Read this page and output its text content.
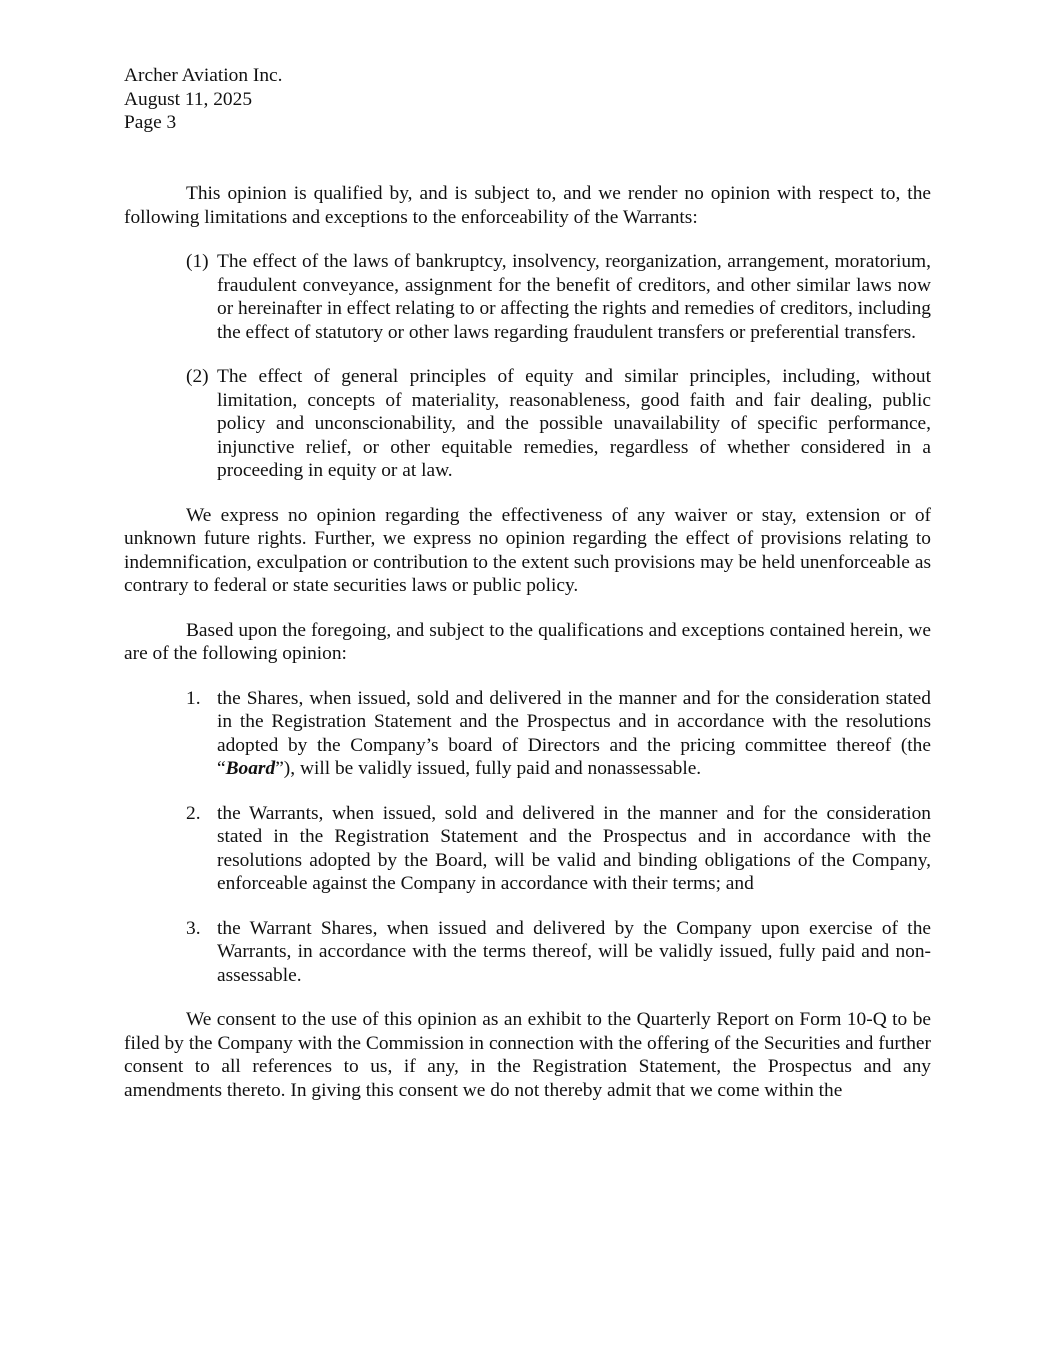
Archer Aviation Inc.
August 11, 2025
Page 3

This opinion is qualified by, and is subject to, and we render no opinion with respect to, the following limitations and exceptions to the enforceability of the Warrants:

(1) The effect of the laws of bankruptcy, insolvency, reorganization, arrangement, moratorium, fraudulent conveyance, assignment for the benefit of creditors, and other similar laws now or hereinafter in effect relating to or affecting the rights and remedies of creditors, including the effect of statutory or other laws regarding fraudulent transfers or preferential transfers.
(2) The effect of general principles of equity and similar principles, including, without limitation, concepts of materiality, reasonableness, good faith and fair dealing, public policy and unconscionability, and the possible unavailability of specific performance, injunctive relief, or other equitable remedies, regardless of whether considered in a proceeding in equity or at law.

We express no opinion regarding the effectiveness of any waiver or stay, extension or of unknown future rights. Further, we express no opinion regarding the effect of provisions relating to indemnification, exculpation or contribution to the extent such provisions may be held unenforceable as contrary to federal or state securities laws or public policy.

Based upon the foregoing, and subject to the qualifications and exceptions contained herein, we are of the following opinion:

1. the Shares, when issued, sold and delivered in the manner and for the consideration stated in the Registration Statement and the Prospectus and in accordance with the resolutions adopted by the Company’s board of Directors and the pricing committee thereof (the “Board”), will be validly issued, fully paid and nonassessable.
2. the Warrants, when issued, sold and delivered in the manner and for the consideration stated in the Registration Statement and the Prospectus and in accordance with the resolutions adopted by the Board, will be valid and binding obligations of the Company, enforceable against the Company in accordance with their terms; and
3. the Warrant Shares, when issued and delivered by the Company upon exercise of the Warrants, in accordance with the terms thereof, will be validly issued, fully paid and non-assessable.

We consent to the use of this opinion as an exhibit to the Quarterly Report on Form 10-Q to be filed by the Company with the Commission in connection with the offering of the Securities and further consent to all references to us, if any, in the Registration Statement, the Prospectus and any amendments thereto. In giving this consent we do not thereby admit that we come within the
